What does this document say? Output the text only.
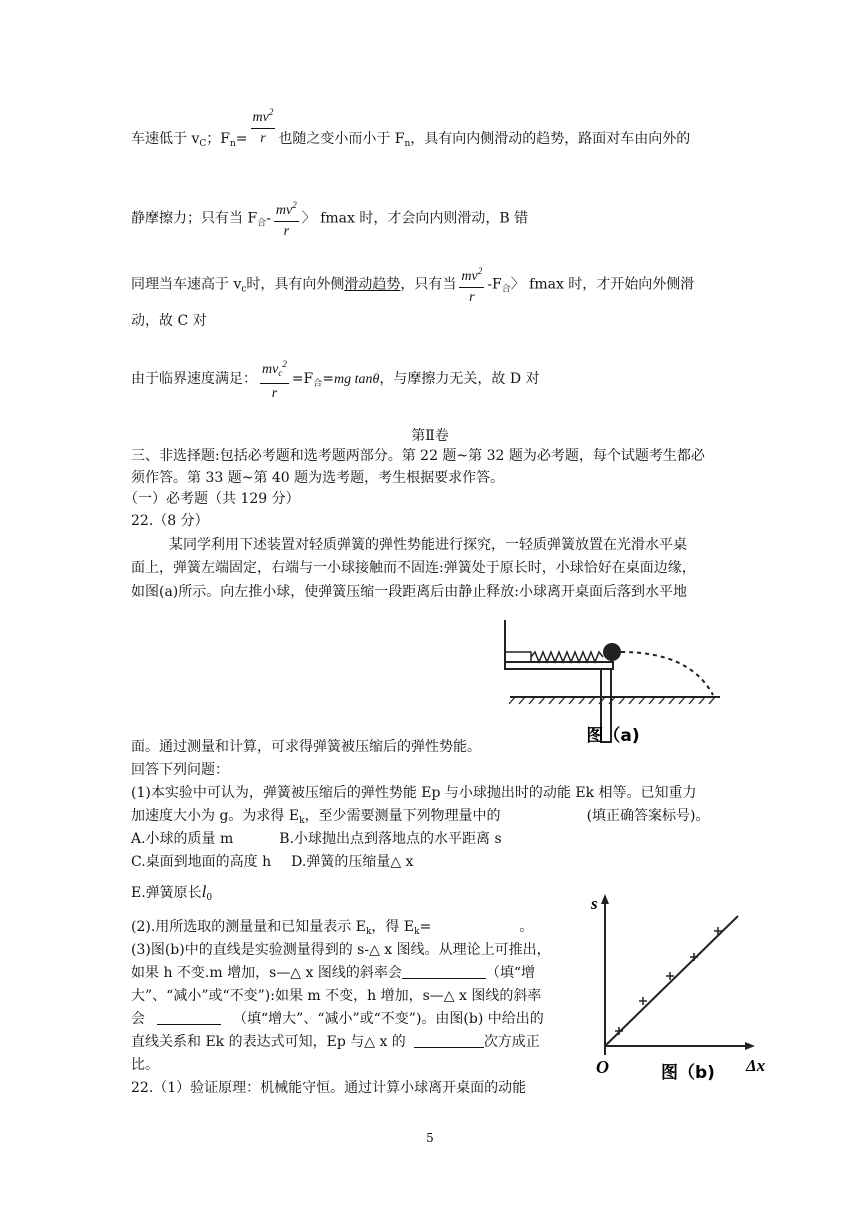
车速低于 $v_C$；$F_n= \frac{mv^2}{r}$ 也随之变小而小于 $F_n$，具有向内侧滑动的趋势，路面对车由向外的
静摩擦力；只有当 $F_合- \frac{mv^2}{r}$ 〉 fmax 时，才会向内则滑动，B 错
同理当车速高于 $v_c$时，具有向外侧滑动趋势，只有当 $\frac{mv^2}{r} -F_合$〉 fmax 时，才开始向外侧滑
动，故 C 对
由于临界速度满足： $\frac{mv_c^2}{r} =F_合=mg$ tanθ，与摩擦力无关，故 D 对
第Ⅱ卷
三、非选择题:包括必考题和选考题两部分。第 22 题~第 32 题为必考题，每个试题考生都必
须作答。第 33 题~第 40 题为选考题，考生根据要求作答。
（一）必考题（共 129 分）
22.（8 分）
某同学利用下述装置对轻质弹簧的弹性势能进行探究，一轻质弹簧放置在光滑水平桌
面上，弹簧左端固定，右端与一小球接触而不固连:弹簧处于原长时，小球恰好在桌面边缘，
如图(a)所示。向左推小球，使弹簧压缩一段距离后由静止释放:小球离开桌面后落到水平地
图（a)
面。通过测量和计算，可求得弹簧被压缩后的弹性势能。
回答下列问题：
(1)本实验中可认为，弹簧被压缩后的弹性势能 Ep 与小球抛出时的动能 Ek 相等。已知重力
加速度大小为 g。为求得 $E_k$，至少需要测量下列物理量中的	(填正确答案标号)。
A.小球的质量 m	B.小球抛出点到落地点的水平距离 s
C.桌面到地面的高度 h D.弹簧的压缩量△ x
E.弹簧原长$l_0$
(2).用所选取的测量量和已知量表示 $E_k$，得 $E_k=$	。
(3)图(b)中的直线是实验测量得到的 s-△ x 图线。从理论上可推出，
如果 h 不变.m 增加，s—△ x 图线的斜率会	（填“增
大”、“减小”或“不变”):如果 m 不变，h 增加，s—△ x 图线的斜率
会	（填“增大”、“减小”或“不变”)。由图(b) 中给出的
直线关系和 Ek 的表达式可知，Ep 与△ x 的	次方成正
比。
22.（1）验证原理：机械能守恒。通过计算小球离开桌面的动能
s
Δx
O	图（b)
5
